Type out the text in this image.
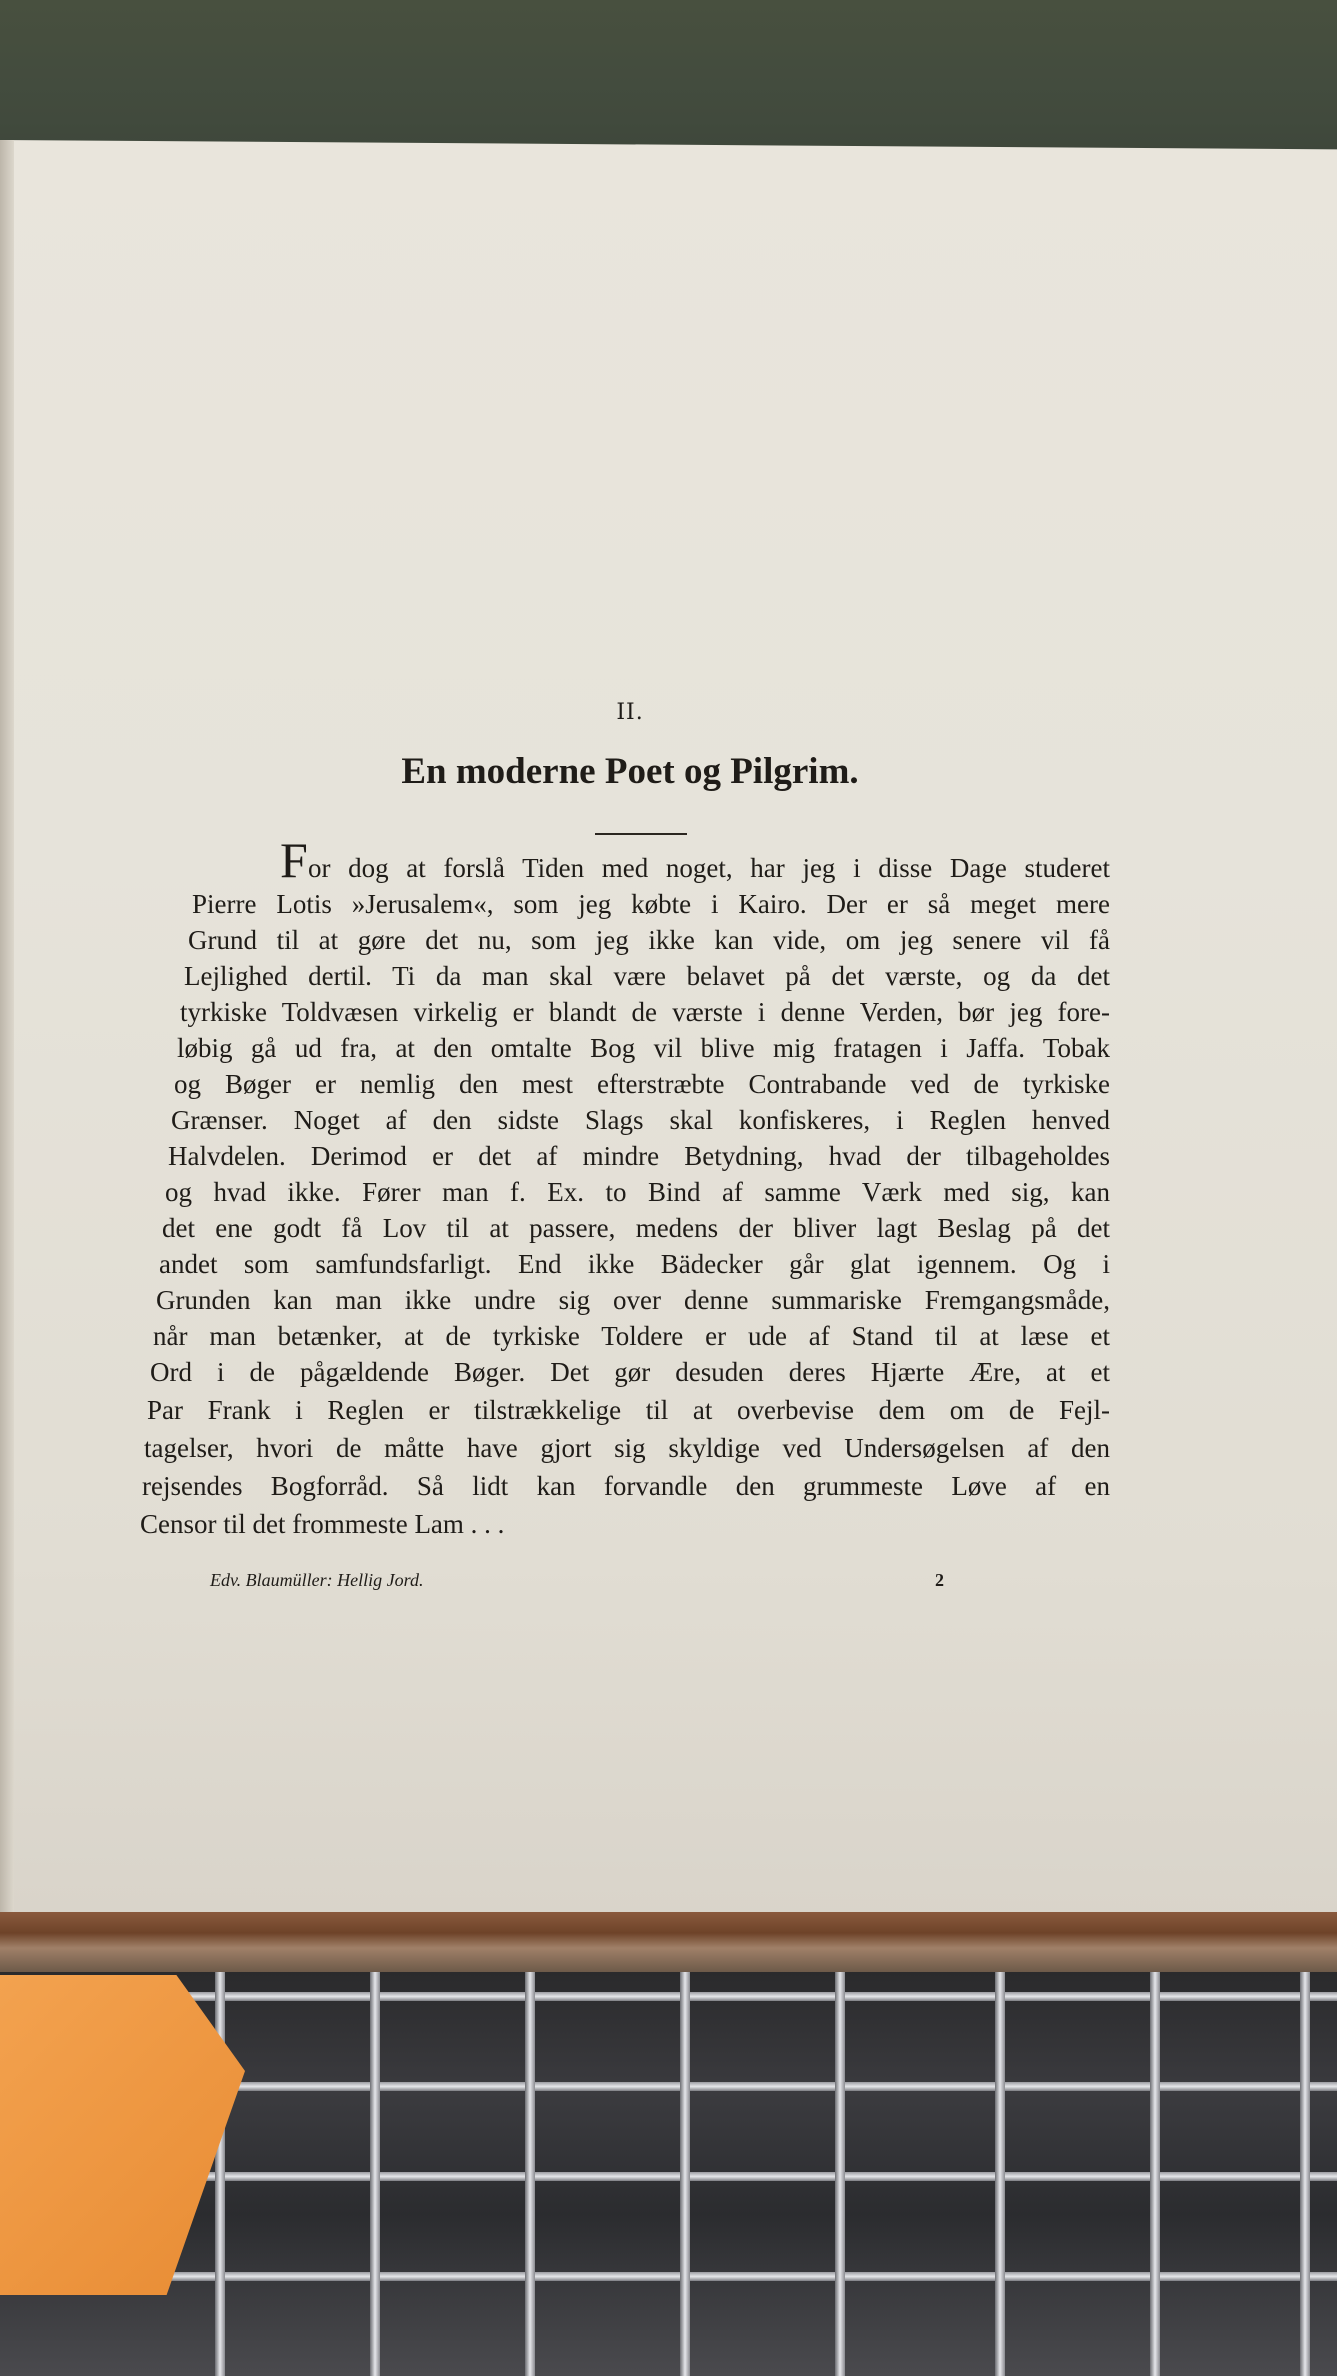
II.
En moderne Poet og Pilgrim.
F or dog at forslå Tiden med noget, har jeg i disse Dage studeret
Pierre Lotis »Jerusalem«, som jeg købte i Kairo. Der er så meget mere
Grund til at gøre det nu, som jeg ikke kan vide, om jeg senere vil få
Lejlighed dertil. Ti da man skal være belavet på det værste, og da det
tyrkiske Toldvæsen virkelig er blandt de værste i denne Verden, bør jeg fore-
løbig gå ud fra, at den omtalte Bog vil blive mig fratagen i Jaffa. Tobak
og Bøger er nemlig den mest efterstræbte Contrabande ved de tyrkiske
Grænser. Noget af den sidste Slags skal konfiskeres, i Reglen henved
Halvdelen. Derimod er det af mindre Betydning, hvad der tilbageholdes
og hvad ikke. Fører man f. Ex. to Bind af samme Værk med sig, kan
det ene godt få Lov til at passere, medens der bliver lagt Beslag på det
andet som samfundsfarligt. End ikke Bädecker går glat igennem. Og i
Grunden kan man ikke undre sig over denne summariske Fremgangsmåde,
når man betænker, at de tyrkiske Toldere er ude af Stand til at læse et
Ord i de pågældende Bøger. Det gør desuden deres Hjærte Ære, at et
Par Frank i Reglen er tilstrækkelige til at overbevise dem om de Fejl-
tagelser, hvori de måtte have gjort sig skyldige ved Undersøgelsen af den
rejsendes Bogforråd. Så lidt kan forvandle den grummeste Løve af en
Censor til det frommeste Lam . . .
Edv. Blaumüller: Hellig Jord.	2
